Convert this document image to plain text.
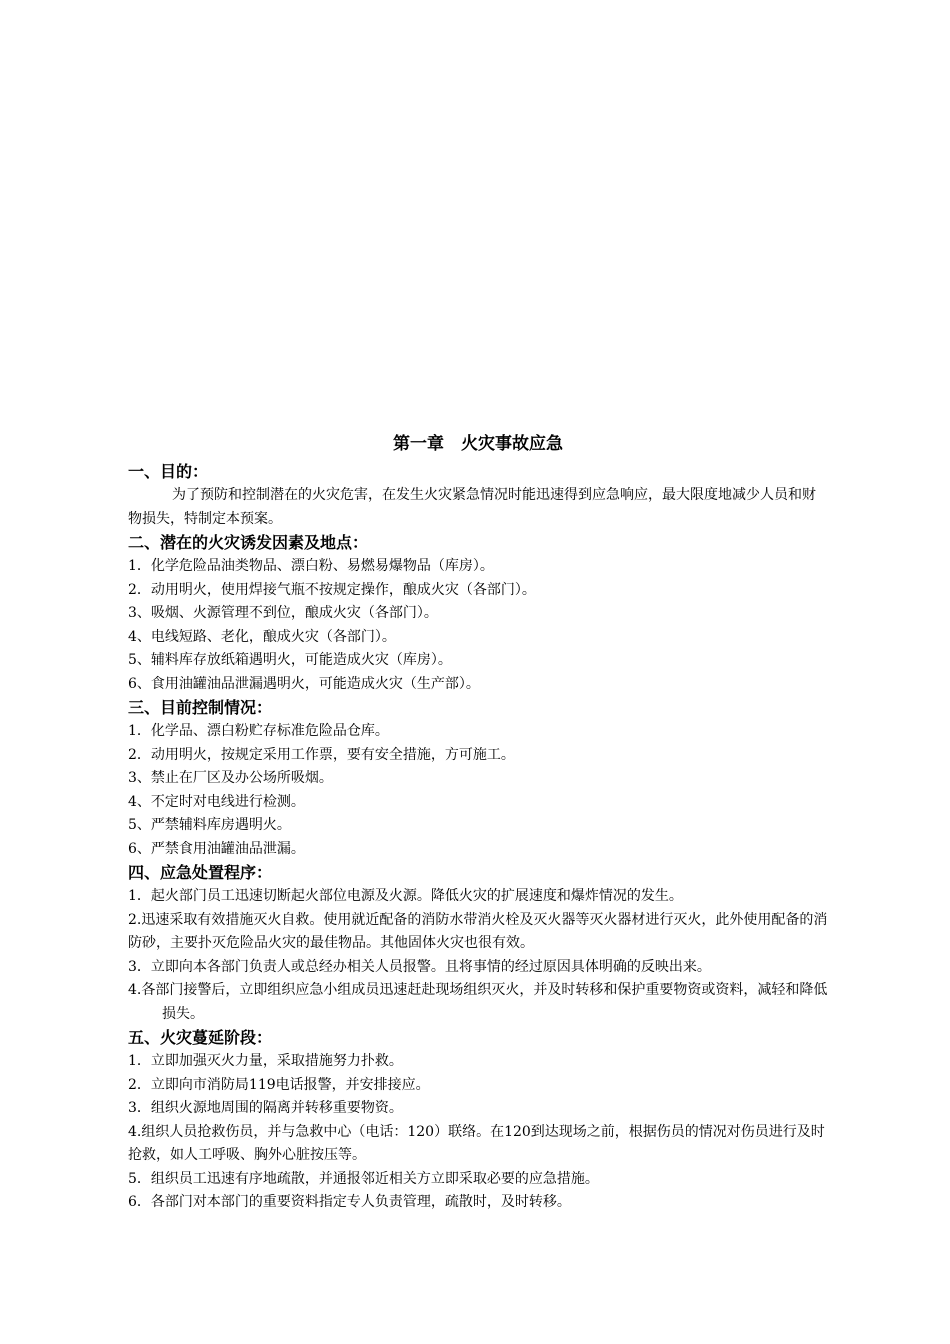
第一章　火灾事故应急
一、目的：

为了预防和控制潜在的火灾危害，在发生火灾紧急情况时能迅速得到应急响应，最大限度地减少人员和财物损失，特制定本预案。

二、潜在的火灾诱发因素及地点：

1．化学危险品油类物品、漂白粉、易燃易爆物品（库房）。

2．动用明火，使用焊接气瓶不按规定操作，酿成火灾（各部门）。

3、吸烟、火源管理不到位，酿成火灾（各部门）。

4、电线短路、老化，酿成火灾（各部门）。

5、辅料库存放纸箱遇明火，可能造成火灾（库房）。

6、食用油罐油品泄漏遇明火，可能造成火灾（生产部）。

三、目前控制情况：

1．化学品、漂白粉贮存标准危险品仓库。

2．动用明火，按规定采用工作票，要有安全措施，方可施工。

3、禁止在厂区及办公场所吸烟。

4、不定时对电线进行检测。

5、严禁辅料库房遇明火。

6、严禁食用油罐油品泄漏。

四、应急处置程序：

1．起火部门员工迅速切断起火部位电源及火源。降低火灾的扩展速度和爆炸情况的发生。

2.迅速采取有效措施灭火自救。使用就近配备的消防水带消火栓及灭火器等灭火器材进行灭火，此外使用配备的消防砂，主要扑灭危险品火灾的最佳物品。其他固体火灾也很有效。

3．立即向本各部门负责人或总经办相关人员报警。且将事情的经过原因具体明确的反映出来。

4.各部门接警后，立即组织应急小组成员迅速赶赴现场组织灭火，并及时转移和保护重要物资或资料，减轻和降低损失。

五、火灾蔓延阶段：

1．立即加强灭火力量，采取措施努力扑救。

2．立即向市消防局119电话报警，并安排接应。

3．组织火源地周围的隔离并转移重要物资。

4.组织人员抢救伤员，并与急救中心（电话：120）联络。在120到达现场之前，根据伤员的情况对伤员进行及时抢救，如人工呼吸、胸外心脏按压等。

5．组织员工迅速有序地疏散，并通报邻近相关方立即采取必要的应急措施。

6．各部门对本部门的重要资料指定专人负责管理，疏散时，及时转移。
